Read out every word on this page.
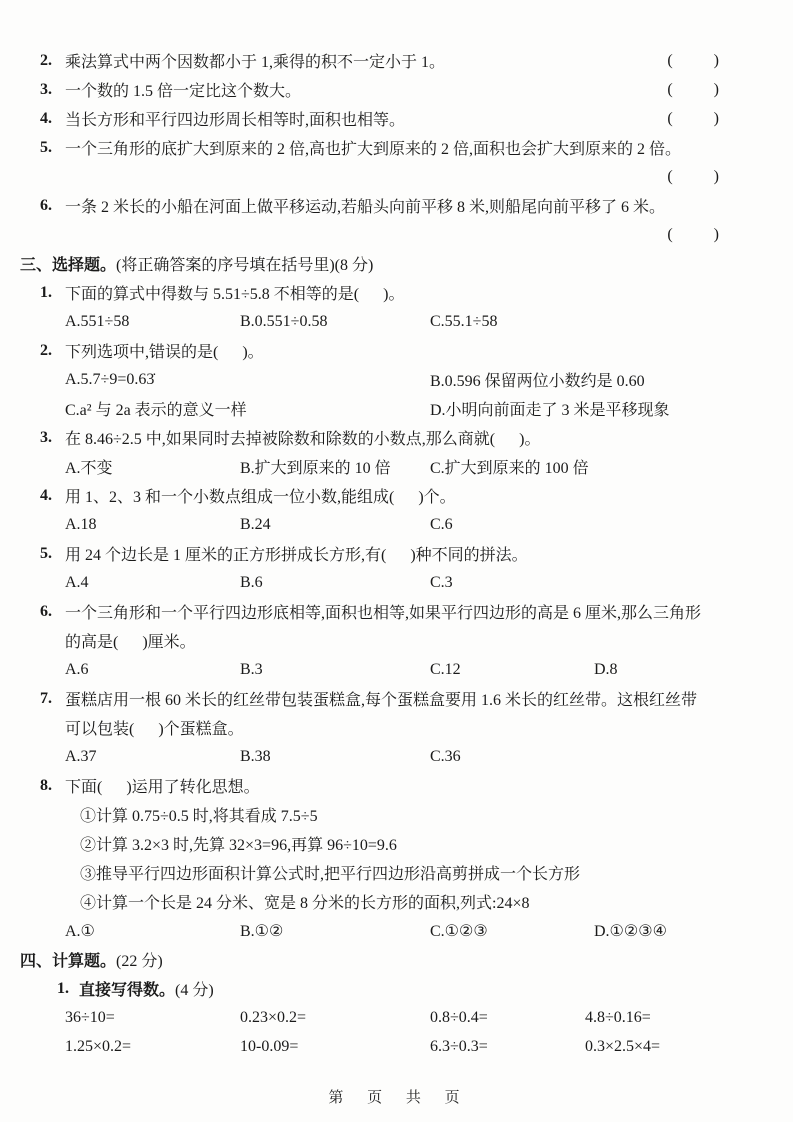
2. 乘法算式中两个因数都小于 1,乘得的积不一定小于 1。	(        )
3. 一个数的 1.5 倍一定比这个数大。	(        )
4. 当长方形和平行四边形周长相等时,面积也相等。	(        )
5. 一个三角形的底扩大到原来的 2 倍,高也扩大到原来的 2 倍,面积也会扩大到原来的 2 倍。
(        )
6. 一条 2 米长的小船在河面上做平移运动,若船头向前平移 8 米,则船尾向前平移了 6 米。
(        )
三、选择题。 (将正确答案的序号填在括号里)(8 分)
1. 下面的算式中得数与 5.51÷5.8 不相等的是(      )。
A.551÷58	B.0.551÷0.58	C.55.1÷58
2. 下列选项中,错误的是(      )。
A.5.7÷9=0.63̇	B.0.596 保留两位小数约是 0.60
C.a² 与 2a 表示的意义一样	D.小明向前面走了 3 米是平移现象
3. 在 8.46÷2.5 中,如果同时去掉被除数和除数的小数点,那么商就(      )。
A.不变	B.扩大到原来的 10 倍	C.扩大到原来的 100 倍
4. 用 1、2、3 和一个小数点组成一位小数,能组成(      )个。
A.18	B.24	C.6
5. 用 24 个边长是 1 厘米的正方形拼成长方形,有(      )种不同的拼法。
A.4	B.6	C.3
6. 一个三角形和一个平行四边形底相等,面积也相等,如果平行四边形的高是 6 厘米,那么三角形
的高是(      )厘米。
A.6	B.3	C.12	D.8
7. 蛋糕店用一根 60 米长的红丝带包装蛋糕盒,每个蛋糕盒要用 1.6 米长的红丝带。这根红丝带
可以包装(      )个蛋糕盒。
A.37	B.38	C.36
8. 下面(      )运用了转化思想。
①计算 0.75÷0.5 时,将其看成 7.5÷5
②计算 3.2×3 时,先算 32×3=96,再算 96÷10=9.6
③推导平行四边形面积计算公式时,把平行四边形沿高剪拼成一个长方形
④计算一个长是 24 分米、宽是 8 分米的长方形的面积,列式:24×8
A.①	B.①②	C.①②③	D.①②③④
四、计算题。 (22 分)
1. 直接写得数。 (4 分)
36÷10=	0.23×0.2=	0.8÷0.4=	4.8÷0.16=
1.25×0.2=	10-0.09=	6.3÷0.3=	0.3×2.5×4=
第 页 共 页
